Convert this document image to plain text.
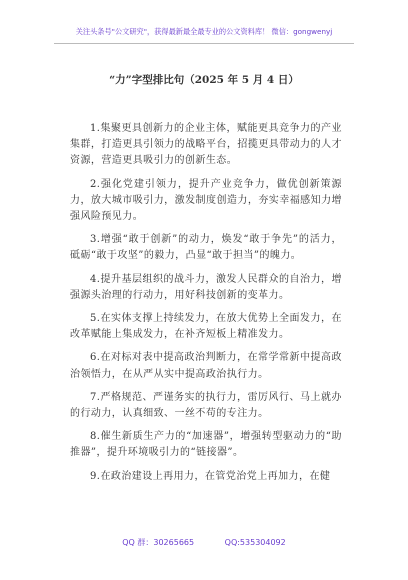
关注头条号"公文研究"，获得最新最全最专业的公文资料库！ 微信：gongwenyj
“力”字型排比句（2025 年 5 月 4 日）

1.集聚更具创新力的企业主体，赋能更具竞争力的产业集群，打造更具引领力的战略平台，招揽更具带动力的人才资源，营造更具吸引力的创新生态。

2.强化党建引领力，提升产业竞争力，做优创新策源力，放大城市吸引力，激发制度创造力，夯实幸福感知力增强风险预见力。

3.增强“敢于创新”的动力，焕发“敢于争先”的活力，砥砺“敢于攻坚”的毅力，凸显“敢于担当”的魄力。

4.提升基层组织的战斗力，激发人民群众的自治力，增强源头治理的行动力，用好科技创新的变革力。

5.在实体支撑上持续发力，在放大优势上全面发力，在改革赋能上集成发力，在补齐短板上精准发力。

6.在对标对表中提高政治判断力，在常学常新中提高政治领悟力，在从严从实中提高政治执行力。

7.严格规范、严谨务实的执行力，雷厉风行、马上就办的行动力，认真细致、一丝不苟的专注力。

8.催生新质生产力的“加速器”，增强转型驱动力的“助推器”，提升环境吸引力的“链接器”。

9.在政治建设上再用力，在管党治党上再加力，在健

QQ 群：30265665	QQ:535304092
